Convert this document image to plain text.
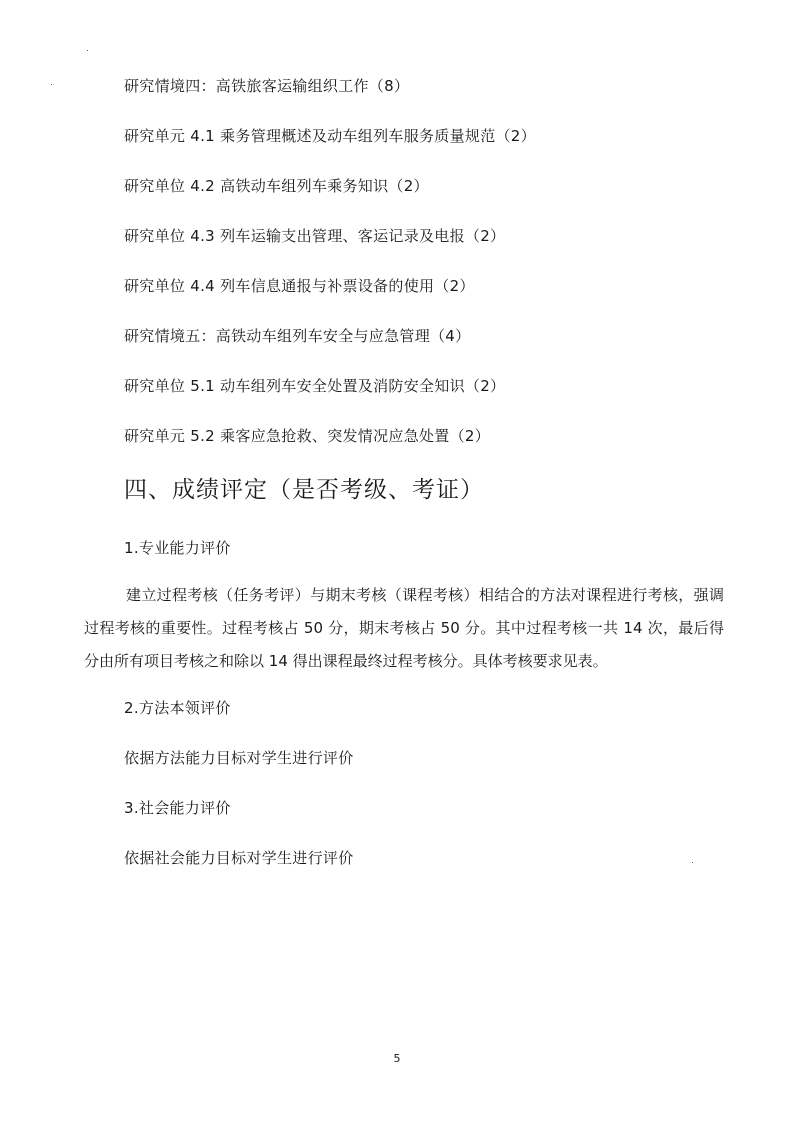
研究情境四：高铁旅客运输组织工作（8）
研究单元 4.1 乘务管理概述及动车组列车服务质量规范（2）
研究单位 4.2 高铁动车组列车乘务知识（2）
研究单位 4.3 列车运输支出管理、客运记录及电报（2）
研究单位 4.4 列车信息通报与补票设备的使用（2）
研究情境五：高铁动车组列车安全与应急管理（4）
研究单位 5.1 动车组列车安全处置及消防安全知识（2）
研究单元 5.2 乘客应急抢救、突发情况应急处置（2）
四、成绩评定（是否考级、考证）
1.专业能力评价
建立过程考核（任务考评）与期末考核（课程考核）相结合的方法对课程进行考核，强调过程考核的重要性。过程考核占 50 分，期末考核占 50 分。其中过程考核一共 14 次，最后得分由所有项目考核之和除以 14 得出课程最终过程考核分。具体考核要求见表。
2.方法本领评价
依据方法能力目标对学生进行评价
3.社会能力评价
依据社会能力目标对学生进行评价
5
